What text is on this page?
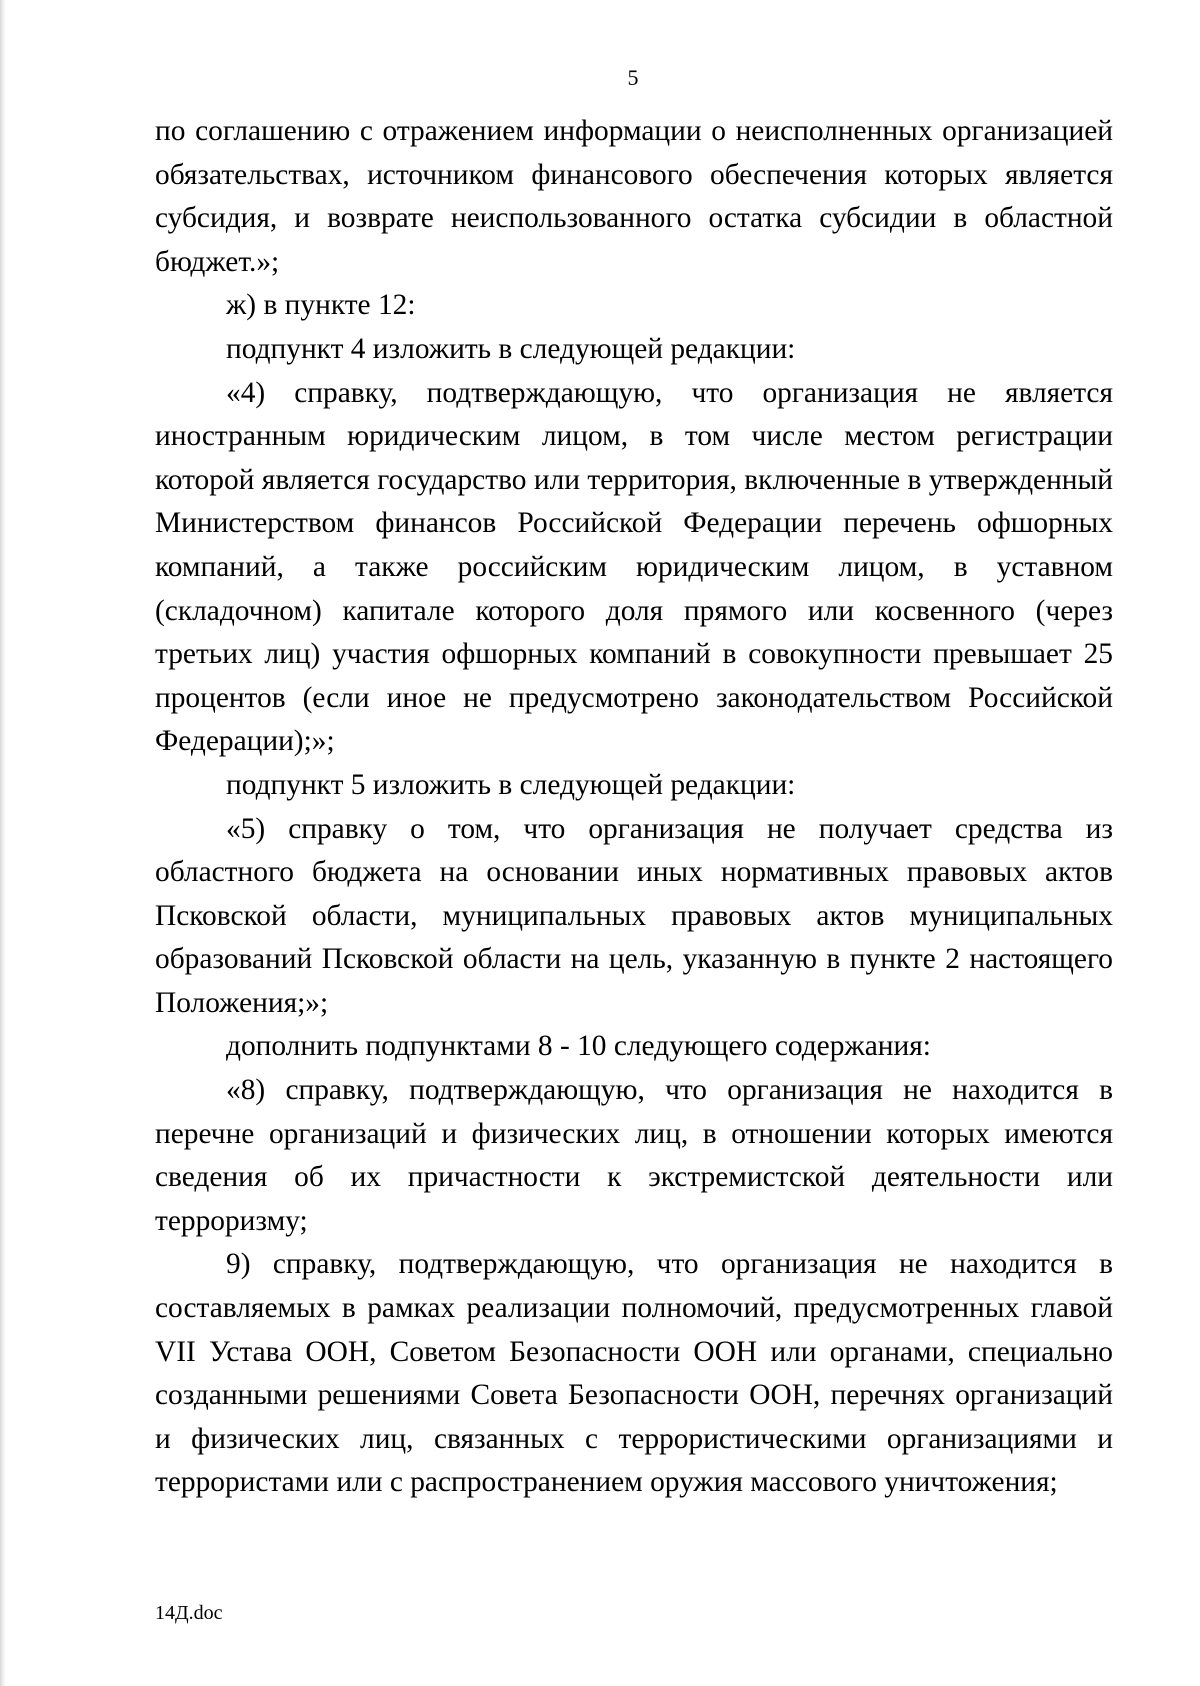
5

по соглашению с отражением информации о неисполненных организацией обязательствах, источником финансового обеспечения которых является субсидия, и возврате неиспользованного остатка субсидии в областной бюджет.»;

ж) в пункте 12:

подпункт 4 изложить в следующей редакции:

«4) справку, подтверждающую, что организация не является иностранным юридическим лицом, в том числе местом регистрации которой является государство или территория, включенные в утвержденный Министерством финансов Российской Федерации перечень офшорных компаний, а также российским юридическим лицом, в уставном (складочном) капитале которого доля прямого или косвенного (через третьих лиц) участия офшорных компаний в совокупности превышает 25 процентов (если иное не предусмотрено законодательством Российской Федерации);»;

подпункт 5 изложить в следующей редакции:

«5) справку о том, что организация не получает средства из областного бюджета на основании иных нормативных правовых актов Псковской области, муниципальных правовых актов муниципальных образований Псковской области на цель, указанную в пункте 2 настоящего Положения;»;

дополнить подпунктами 8 - 10 следующего содержания:

«8) справку, подтверждающую, что организация не находится в перечне организаций и физических лиц, в отношении которых имеются сведения об их причастности к экстремистской деятельности или терроризму;

9) справку, подтверждающую, что организация не находится в составляемых в рамках реализации полномочий, предусмотренных главой VII Устава ООН, Советом Безопасности ООН или органами, специально созданными решениями Совета Безопасности ООН, перечнях организаций и физических лиц, связанных с террористическими организациями и террористами или с распространением оружия массового уничтожения;

14Д.doc
